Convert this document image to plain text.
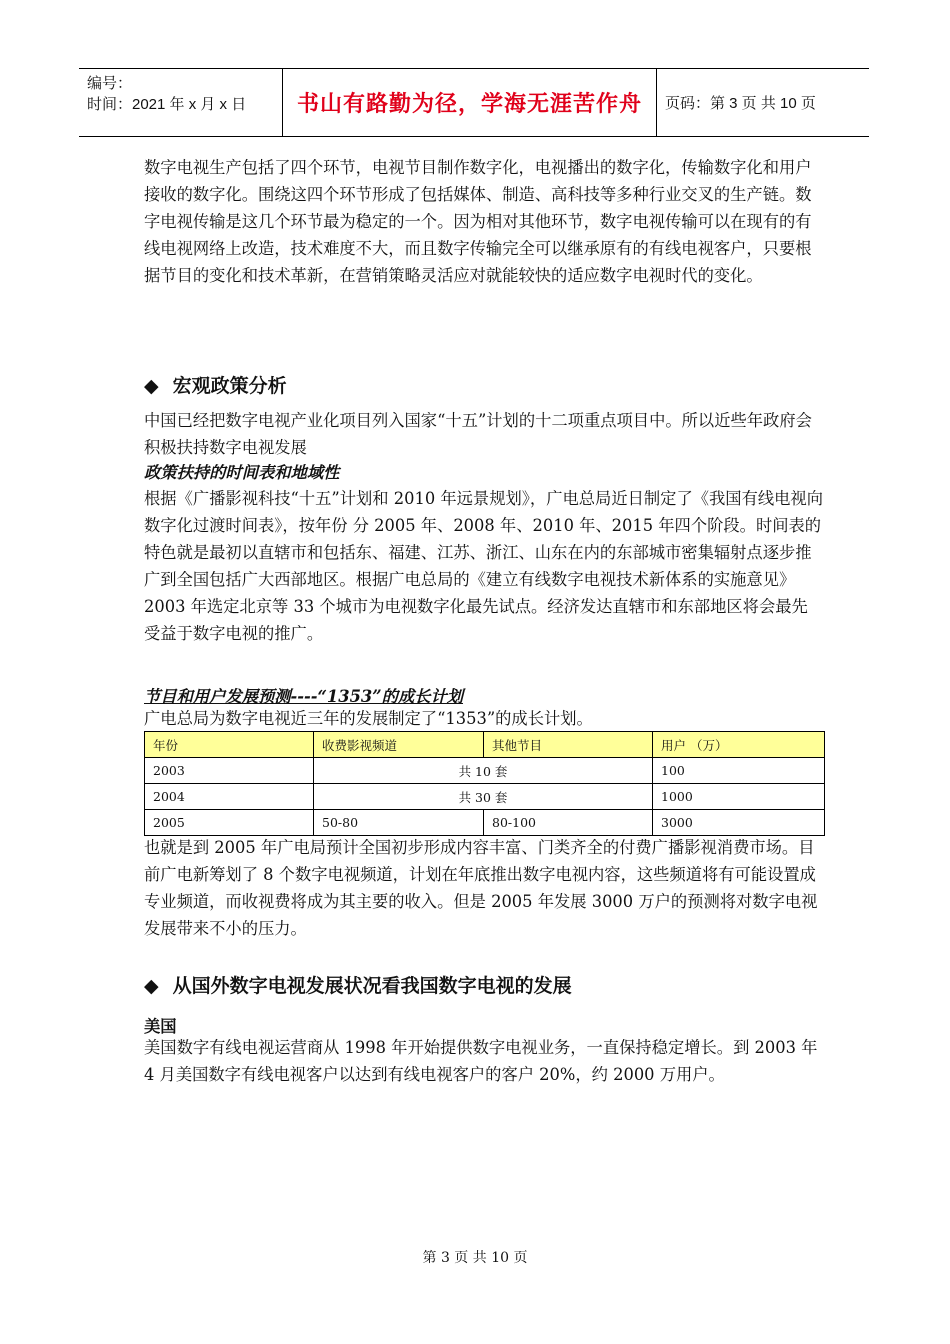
编号：
时间：2021 年 x 月 x 日	书山有路勤为径，学海无涯苦作舟	页码：第 3 页 共 10 页

数字电视生产包括了四个环节，电视节目制作数字化，电视播出的数字化，传输数字化和用户接收的数字化。围绕这四个环节形成了包括媒体、制造、高科技等多种行业交叉的生产链。数字电视传输是这几个环节最为稳定的一个。因为相对其他环节，数字电视传输可以在现有的有线电视网络上改造，技术难度不大，而且数字传输完全可以继承原有的有线电视客户，只要根据节目的变化和技术革新，在营销策略灵活应对就能较快的适应数字电视时代的变化。

◆ 宏观政策分析

中国已经把数字电视产业化项目列入国家“十五”计划的十二项重点项目中。所以近些年政府会积极扶持数字电视发展

政策扶持的时间表和地域性

根据《广播影视科技“十五”计划和 2010 年远景规划》，广电总局近日制定了《我国有线电视向数字化过渡时间表》，按年份 分 2005 年、2008 年、2010 年、2015 年四个阶段。时间表的特色就是最初以直辖市和包括东、福建、江苏、浙江、山东在内的东部城市密集辐射点逐步推广到全国包括广大西部地区。根据广电总局的《建立有线数字电视技术新体系的实施意见》2003 年选定北京等 33 个城市为电视数字化最先试点。经济发达直辖市和东部地区将会最先受益于数字电视的推广。

节目和用户发展预测----“1353”的成长计划

广电总局为数字电视近三年的发展制定了“1353”的成长计划。

年份	收费影视频道	其他节目	用户 （万）
2003	共 10 套		100
2004	共 30 套		1000
2005	50-80	80-100	3000

也就是到 2005 年广电局预计全国初步形成内容丰富、门类齐全的付费广播影视消费市场。目前广电新筹划了 8 个数字电视频道，计划在年底推出数字电视内容，这些频道将有可能设置成专业频道，而收视费将成为其主要的收入。但是 2005 年发展 3000 万户的预测将对数字电视发展带来不小的压力。

◆ 从国外数字电视发展状况看我国数字电视的发展
美国

美国数字有线电视运营商从 1998 年开始提供数字电视业务，一直保持稳定增长。到 2003 年 4 月美国数字有线电视客户以达到有线电视客户的客户 20%，约 2000 万用户。

第 3 页 共 10 页
